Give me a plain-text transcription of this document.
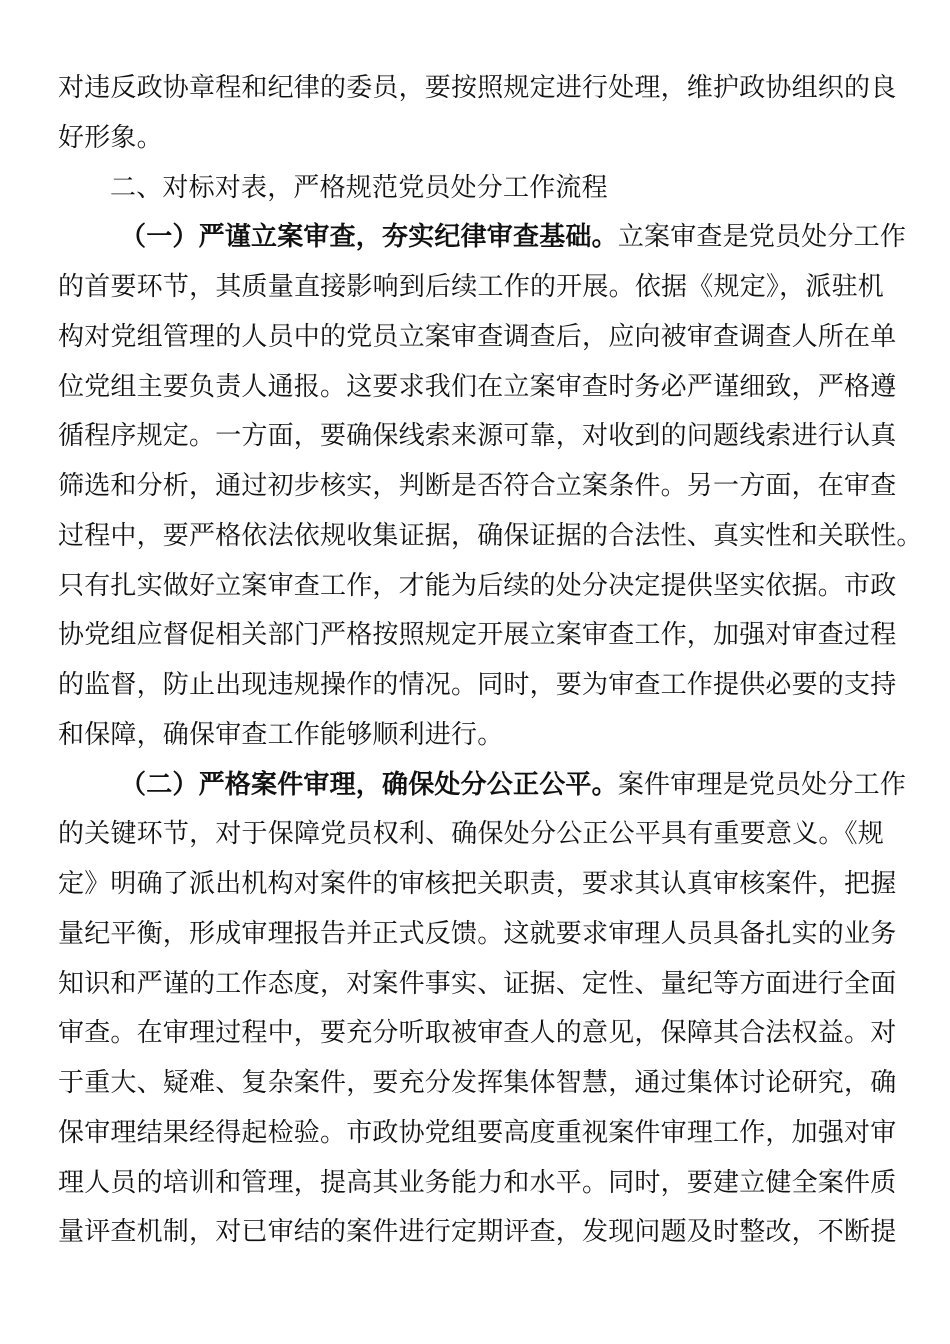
对违反政协章程和纪律的委员，要按照规定进行处理，维护政协组织的良
好形象。
二、对标对表，严格规范党员处分工作流程
（一）严谨立案审查，夯实纪律审查基础。立案审查是党员处分工作
的首要环节，其质量直接影响到后续工作的开展。依据《规定》，派驻机
构对党组管理的人员中的党员立案审查调查后，应向被审查调查人所在单
位党组主要负责人通报。这要求我们在立案审查时务必严谨细致，严格遵
循程序规定。一方面，要确保线索来源可靠，对收到的问题线索进行认真
筛选和分析，通过初步核实，判断是否符合立案条件。另一方面，在审查
过程中，要严格依法依规收集证据，确保证据的合法性、真实性和关联性。
只有扎实做好立案审查工作，才能为后续的处分决定提供坚实依据。市政
协党组应督促相关部门严格按照规定开展立案审查工作，加强对审查过程
的监督，防止出现违规操作的情况。同时，要为审查工作提供必要的支持
和保障，确保审查工作能够顺利进行。
（二）严格案件审理，确保处分公正公平。案件审理是党员处分工作
的关键环节，对于保障党员权利、确保处分公正公平具有重要意义。《规
定》明确了派出机构对案件的审核把关职责，要求其认真审核案件，把握
量纪平衡，形成审理报告并正式反馈。这就要求审理人员具备扎实的业务
知识和严谨的工作态度，对案件事实、证据、定性、量纪等方面进行全面
审查。在审理过程中，要充分听取被审查人的意见，保障其合法权益。对
于重大、疑难、复杂案件，要充分发挥集体智慧，通过集体讨论研究，确
保审理结果经得起检验。市政协党组要高度重视案件审理工作，加强对审
理人员的培训和管理，提高其业务能力和水平。同时，要建立健全案件质
量评查机制，对已审结的案件进行定期评查，发现问题及时整改，不断提
